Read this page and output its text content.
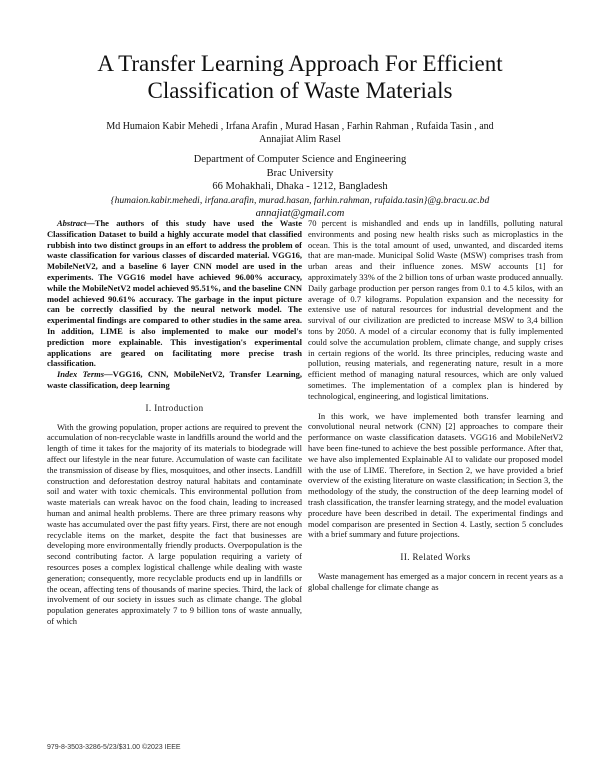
A Transfer Learning Approach For Efficient
Classification of Waste Materials
Md Humaion Kabir Mehedi , Irfana Arafin , Murad Hasan , Farhin Rahman , Rufaida Tasin , and
Annajiat Alim Rasel
Department of Computer Science and Engineering
Brac University
66 Mohakhali, Dhaka - 1212, Bangladesh
{humaion.kabir.mehedi, irfana.arafin, murad.hasan, farhin.rahman, rufaida.tasin}@g.bracu.ac.bd
annajiat@gmail.com

Abstract—The authors of this study have used the Waste Classification Dataset to build a highly accurate model that classified rubbish into two distinct groups in an effort to address the problem of waste classification for various classes of discarded material. VGG16, MobileNetV2, and a baseline 6 layer CNN model are used in the experiments. The VGG16 model have achieved 96.00% accuracy, while the MobileNetV2 model achieved 95.51%, and the baseline CNN model achieved 90.61% accuracy. The garbage in the input picture can be correctly classified by the neural network model. The experimental findings are compared to other studies in the same area. In addition, LIME is also implemented to make our model's prediction more explainable. This investigation's experimental applications are geared on facilitating more precise trash classification.

Index Terms—VGG16, CNN, MobileNetV2, Transfer Learning, waste classification, deep learning

I. Introduction

With the growing population, proper actions are required to prevent the accumulation of non-recyclable waste in landfills around the world and the length of time it takes for the majority of its materials to biodegrade will affect our lifestyle in the near future. Accumulation of waste can facilitate the transmission of disease by flies, mosquitoes, and other insects. Landfill construction and deforestation destroy natural habitats and contaminate soil and water with toxic chemicals. This environmental pollution from waste materials can wreak havoc on the food chain, leading to increased human and animal health problems. There are three primary reasons why waste has accumulated over the past fifty years. First, there are not enough recyclable items on the market, despite the fact that businesses are developing more environmentally friendly products. Overpopulation is the second contributing factor. A large population requiring a variety of resources poses a complex logistical challenge while dealing with waste generation; consequently, more recyclable products end up in landfills or the ocean, affecting tens of thousands of marine species. Third, the lack of involvement of our society in issues such as climate change. The global population generates approximately 7 to 9 billion tons of waste annually, of which

70 percent is mishandled and ends up in landfills, polluting natural environments and posing new health risks such as microplastics in the ocean. This is the total amount of used, unwanted, and discarded items that are man-made. Municipal Solid Waste (MSW) comprises trash from urban areas and their influence zones. MSW accounts [1] for approximately 33% of the 2 billion tons of urban waste produced annually. Daily garbage production per person ranges from 0.1 to 4.5 kilos, with an average of 0.7 kilograms. Population expansion and the necessity for extensive use of natural resources for industrial development and the survival of our civilization are predicted to increase MSW to 3,4 billion tons by 2050. A model of a circular economy that is fully implemented could solve the accumulation problem, climate change, and supply crises in certain regions of the world. Its three principles, reducing waste and pollution, reusing materials, and regenerating nature, result in a more efficient method of managing natural resources, which are only valued sometimes. The implementation of a complex plan is hindered by technological, engineering, and logistical limitations.

In this work, we have implemented both transfer learning and convolutional neural network (CNN) [2] approaches to compare their performance on waste classification datasets. VGG16 and MobileNetV2 have been fine-tuned to achieve the best possible performance. After that, we have also implemented Explainable AI to validate our proposed model with the use of LIME. Therefore, in Section 2, we have provided a brief overview of the existing literature on waste classification; in Section 3, the methodology of the study, the construction of the deep learning model of trash classification, the transfer learning strategy, and the model evaluation procedure have been described in detail. The experimental findings and model comparison are presented in Section 4. Lastly, section 5 concludes with a brief summary and future projections.

II. Related Works

Waste management has emerged as a major concern in recent years as a global challenge for climate change as

979-8-3503-3286-5/23/$31.00 ©2023 IEEE
